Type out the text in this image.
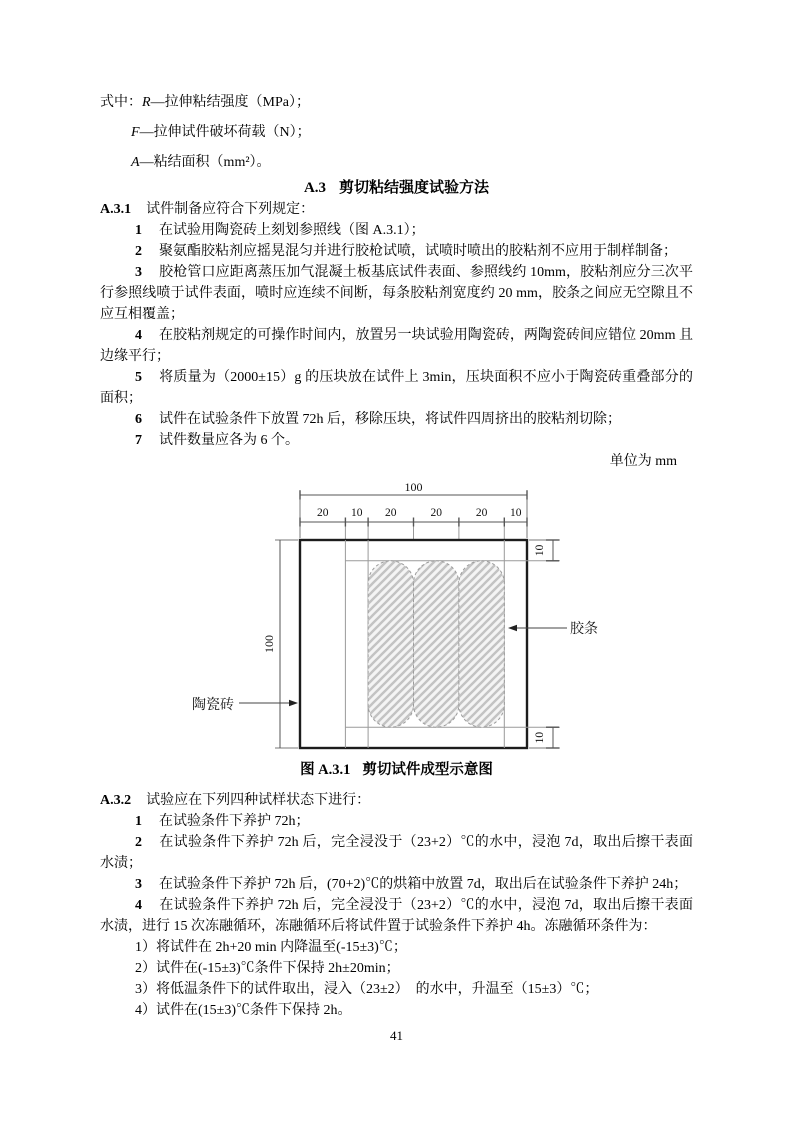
式中：R—拉伸粘结强度（MPa）；

F—拉伸试件破坏荷载（N）；

A—粘结面积（mm²）。

A.3 剪切粘结强度试验方法

A.3.1 试件制备应符合下列规定：

1 在试验用陶瓷砖上刻划参照线（图 A.3.1）；

2 聚氨酯胶粘剂应摇晃混匀并进行胶枪试喷，试喷时喷出的胶粘剂不应用于制样制备；

3 胶枪管口应距离蒸压加气混凝土板基底试件表面、参照线约 10mm，胶粘剂应分三次平行参照线喷于试件表面，喷时应连续不间断，每条胶粘剂宽度约 20 mm，胶条之间应无空隙且不应互相覆盖；

4 在胶粘剂规定的可操作时间内，放置另一块试验用陶瓷砖，两陶瓷砖间应错位 20mm 且边缘平行；

5 将质量为（2000±15）g 的压块放在试件上 3min，压块面积不应小于陶瓷砖重叠部分的面积；

6 试件在试验条件下放置 72h 后，移除压块，将试件四周挤出的胶粘剂切除；

7 试件数量应各为 6 个。

单位为 mm

100
20 10 20	20	20 10
100
10
10
胶条
陶瓷砖

图 A.3.1 剪切试件成型示意图

A.3.2 试验应在下列四种试样状态下进行：

1 在试验条件下养护 72h；

2 在试验条件下养护 72h 后，完全浸没于（23+2）℃的水中，浸泡 7d，取出后擦干表面水渍；

3 在试验条件下养护 72h 后，(70+2)℃的烘箱中放置 7d，取出后在试验条件下养护 24h；

4 在试验条件下养护 72h 后，完全浸没于（23+2）℃的水中，浸泡 7d，取出后擦干表面水渍，进行 15 次冻融循环，冻融循环后将试件置于试验条件下养护 4h。冻融循环条件为：

1）将试件在 2h+20 min 内降温至(-15±3)℃；

2）试件在(-15±3)℃条件下保持 2h±20min；

3）将低温条件下的试件取出，浸入（23±2）　的水中，升温至（15±3）℃；

4）试件在(15±3)℃条件下保持 2h。

41
